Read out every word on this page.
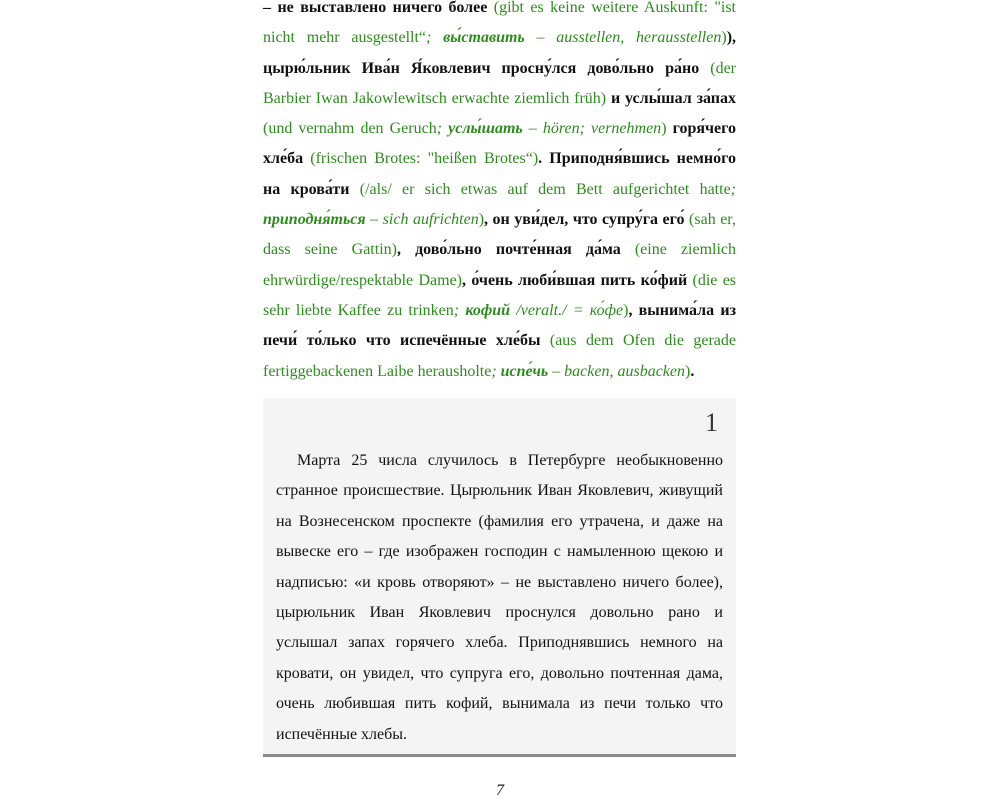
– не вы́ставлено ниче́го бо́лее (gibt es keine weitere Auskunft: "ist nicht mehr ausgestellt“; вы́ставить – ausstellen, herausstellen)), цырю́льник Ива́н Я́ковлевич просну́лся дово́льно ра́но (der Barbier Iwan Jakowlewitsch erwachte ziemlich früh) и услы́шал за́пах (und vernahm den Geruch; услы́шать – hören; vernehmen) горя́чего хле́ба (frischen Brotes: "heißen Brotes“). Приподня́вшись немно́го на крова́ти (/als/ er sich etwas auf dem Bett aufgerichtet hatte; приподня́ться – sich aufrichten), он уви́дел, что супру́га его́ (sah er, dass seine Gattin), дово́льно почте́нная да́ма (eine ziemlich ehrwürdige/respektable Dame), о́чень люби́вшая пить ко́фий (die es sehr liebte Kaffee zu trinken; кофий /veralt./ = ко́фе), вынима́ла из печи́ то́лько что испечённые хле́бы (aus dem Ofen die gerade fertiggebackenen Laibe herausholte; испе́чь – backen, ausbacken).
1

Марта 25 числа случилось в Петербурге необыкновенно странное происшествие. Цырюльник Иван Яковлевич, живущий на Вознесенском проспекте (фамилия его утрачена, и даже на вывеске его – где изображен господин с намыленною щекою и надписью: «и кровь отворяют» – не выставлено ничего более), цырюльник Иван Яковлевич проснулся довольно рано и услышал запах горячего хлеба. Приподнявшись немного на кровати, он увидел, что супруга его, довольно почтенная дама, очень любившая пить кофий, вынимала из печи только что испечённые хлебы.

7
